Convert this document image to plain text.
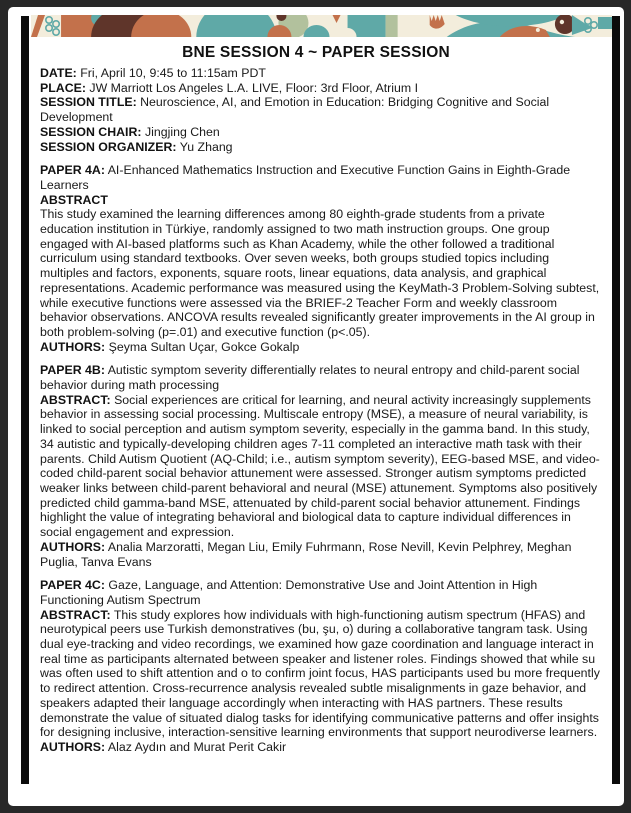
BNE SESSION 4 ~ PAPER SESSION
DATE: Fri, April 10, 9:45 to 11:15am PDT
PLACE: JW Marriott Los Angeles L.A. LIVE, Floor: 3rd Floor, Atrium I
SESSION TITLE: Neuroscience, AI, and Emotion in Education: Bridging Cognitive and Social Development
SESSION CHAIR: Jingjing Chen
SESSION ORGANIZER: Yu Zhang
PAPER 4A: AI-Enhanced Mathematics Instruction and Executive Function Gains in Eighth-Grade Learners
ABSTRACT
This study examined the learning differences among 80 eighth-grade students from a private education institution in Türkiye, randomly assigned to two math instruction groups. One group engaged with AI-based platforms such as Khan Academy, while the other followed a traditional curriculum using standard textbooks. Over seven weeks, both groups studied topics including multiples and factors, exponents, square roots, linear equations, data analysis, and graphical representations. Academic performance was measured using the KeyMath-3 Problem-Solving subtest, while executive functions were assessed via the BRIEF-2 Teacher Form and weekly classroom behavior observations. ANCOVA results revealed significantly greater improvements in the AI group in both problem-solving (p=.01) and executive function (p<.05).
AUTHORS: Şeyma Sultan Uçar, Gokce Gokalp
PAPER 4B: Autistic symptom severity differentially relates to neural entropy and child-parent social behavior during math processing
ABSTRACT: Social experiences are critical for learning, and neural activity increasingly supplements behavior in assessing social processing. Multiscale entropy (MSE), a measure of neural variability, is linked to social perception and autism symptom severity, especially in the gamma band. In this study, 34 autistic and typically-developing children ages 7-11 completed an interactive math task with their parents. Child Autism Quotient (AQ-Child; i.e., autism symptom severity), EEG-based MSE, and video-coded child-parent social behavior attunement were assessed. Stronger autism symptoms predicted weaker links between child-parent behavioral and neural (MSE) attunement. Symptoms also positively predicted child gamma-band MSE, attenuated by child-parent social behavior attunement. Findings highlight the value of integrating behavioral and biological data to capture individual differences in social engagement and expression.
AUTHORS: Analia Marzoratti, Megan Liu, Emily Fuhrmann, Rose Nevill, Kevin Pelphrey, Meghan Puglia, Tanva Evans
PAPER 4C: Gaze, Language, and Attention: Demonstrative Use and Joint Attention in High Functioning Autism Spectrum
ABSTRACT: This study explores how individuals with high-functioning autism spectrum (HFAS) and neurotypical peers use Turkish demonstratives (bu, şu, o) during a collaborative tangram task. Using dual eye-tracking and video recordings, we examined how gaze coordination and language interact in real time as participants alternated between speaker and listener roles. Findings showed that while su was often used to shift attention and o to confirm joint focus, HAS participants used bu more frequently to redirect attention. Cross-recurrence analysis revealed subtle misalignments in gaze behavior, and speakers adapted their language accordingly when interacting with HAS partners. These results demonstrate the value of situated dialog tasks for identifying communicative patterns and offer insights for designing inclusive, interaction-sensitive learning environments that support neurodiverse learners.
AUTHORS: Alaz Aydın and Murat Perit Cakir
